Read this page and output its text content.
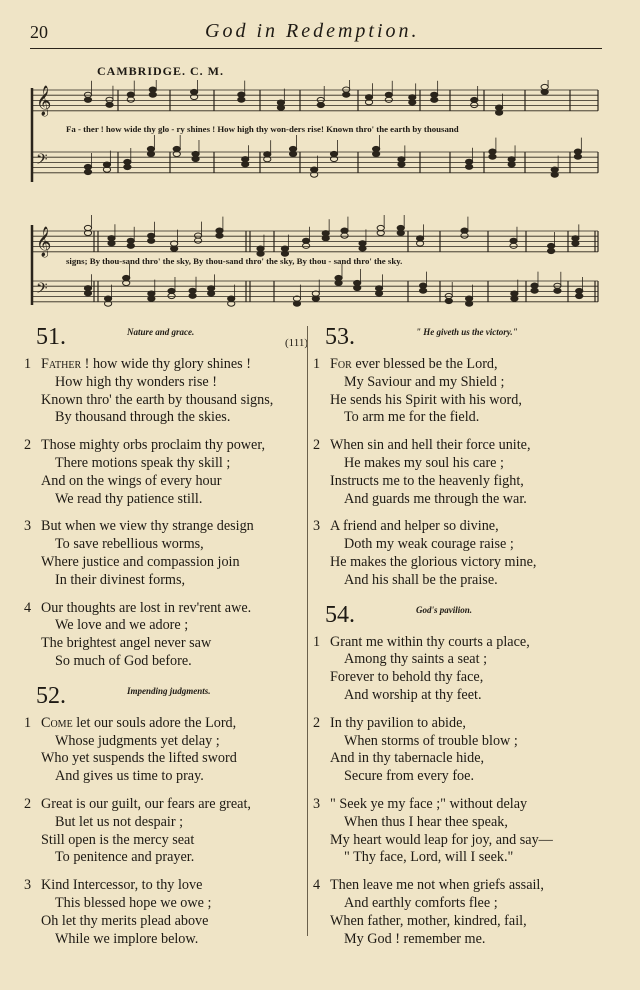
20	God in Redemption.
CAMBRIDGE. C. M.
𝄞
𝄢
Fa - ther ! how wide thy glo - ry shines ! How high thy won-ders rise! Known thro' the earth by thousand
𝄞
𝄢
signs; By thou-sand thro' the sky, By thou-sand thro' the sky, By thou - sand thro' the sky.
51.	Nature and grace.
(111)
1 Father ! how wide thy glory shines !
How high thy wonders rise !
Known thro' the earth by thousand signs,
By thousand through the skies.
2 Those mighty orbs proclaim thy power,
There motions speak thy skill ;
And on the wings of every hour
We read thy patience still.
3 But when we view thy strange design
To save rebellious worms,
Where justice and compassion join
In their divinest forms,
4 Our thoughts are lost in rev'rent awe.
We love and we adore ;
The brightest angel never saw
So much of God before.
52.	Impending judgments.
1 Come let our souls adore the Lord,
Whose judgments yet delay ;
Who yet suspends the lifted sword
And gives us time to pray.
2 Great is our guilt, our fears are great,
But let us not despair ;
Still open is the mercy seat
To penitence and prayer.
3 Kind Intercessor, to thy love
This blessed hope we owe ;
Oh let thy merits plead above
While we implore below.
53.	" He giveth us the victory."
1 For ever blessed be the Lord,
My Saviour and my Shield ;
He sends his Spirit with his word,
To arm me for the field.
2 When sin and hell their force unite,
He makes my soul his care ;
Instructs me to the heavenly fight,
And guards me through the war.
3 A friend and helper so divine,
Doth my weak courage raise ;
He makes the glorious victory mine,
And his shall be the praise.
54.	God's pavilion.
1 Grant me within thy courts a place,
Among thy saints a seat ;
Forever to behold thy face,
And worship at thy feet.
2 In thy pavilion to abide,
When storms of trouble blow ;
And in thy tabernacle hide,
Secure from every foe.
3 " Seek ye my face ;" without delay
When thus I hear thee speak,
My heart would leap for joy, and say—
" Thy face, Lord, will I seek."
4 Then leave me not when griefs assail,
And earthly comforts flee ;
When father, mother, kindred, fail,
My God ! remember me.
